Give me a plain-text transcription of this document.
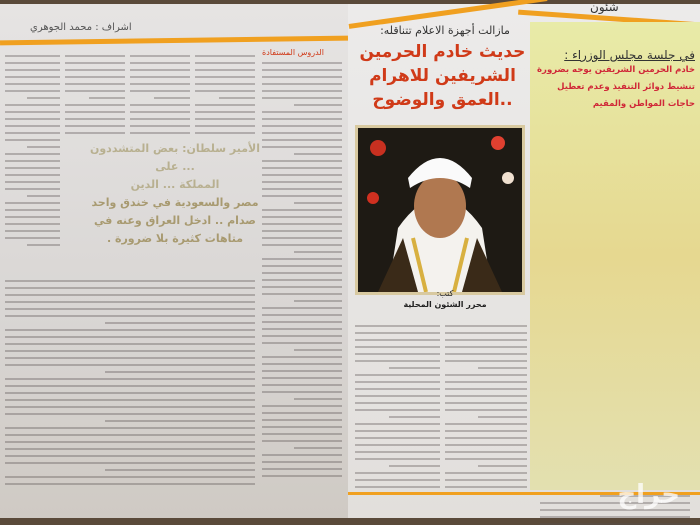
اشراف : محمد الجوهري
الدروس المستفادة
الأمير سلطان: بعض المتشددون
... على
المملكة ... الدين
مصر والسعودية في خندق واحد
صدام .. ادخل العراق وعنه في
متاهات كثيرة بلا ضرورة .
شئون
مازالت أجهزة الاعلام تتناقله:
حديث خادم الحرمين الشريفين للاهرام ..العمق والوضوح
كتب:
محرر الشئون المحلية
في جلسة مجلس الوزراء :
خادم الحرمين الشريفين يوجه بضرورة تنشيط دوائر التنفيذ وعدم تعطيل حاجات المواطن والمقيم
حراج
